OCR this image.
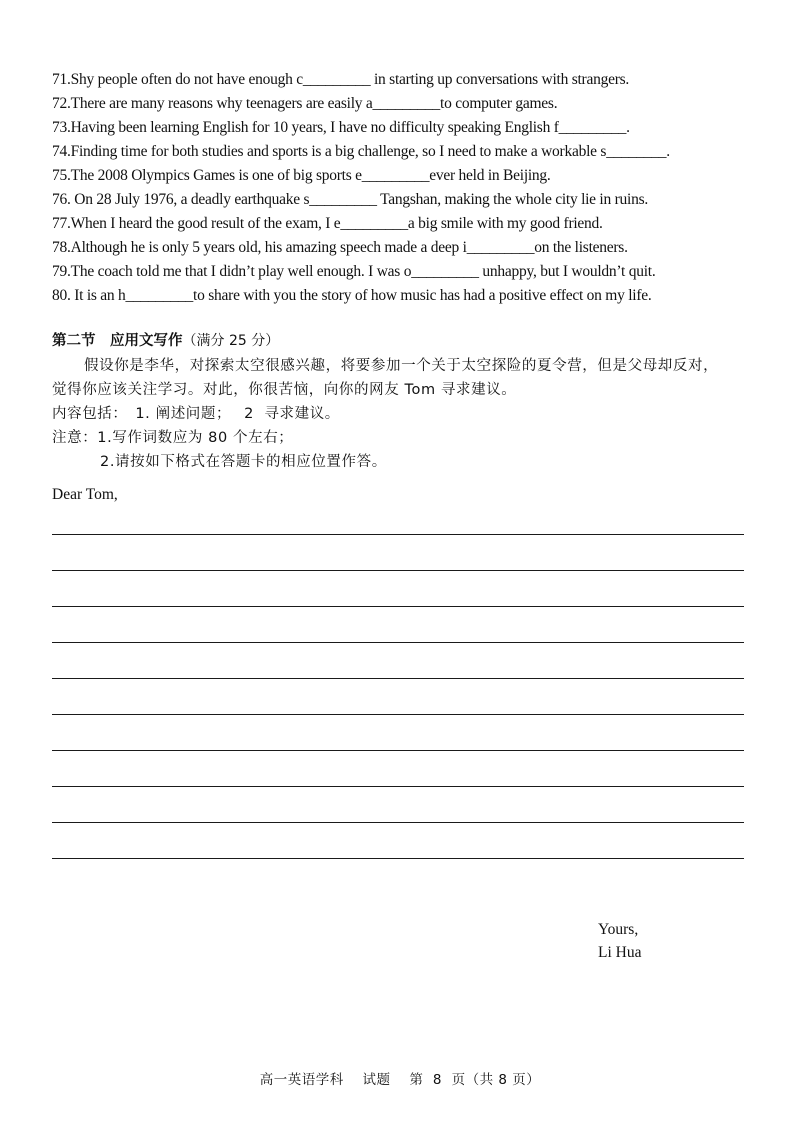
71.Shy people often do not have enough c_________ in starting up conversations with strangers.
72.There are many reasons why teenagers are easily a_________to computer games.
73.Having been learning English for 10 years, I have no difficulty speaking English f_________.
74.Finding time for both studies and sports is a big challenge, so I need to make a workable s________.
75.The 2008 Olympics Games is one of big sports e_________ever held in Beijing.
76. On 28 July 1976, a deadly earthquake s_________ Tangshan, making the whole city lie in ruins.
77.When I heard the good result of the exam, I e_________a big smile with my good friend.
78.Although he is only 5 years old, his amazing speech made a deep i_________on the listeners.
79.The coach told me that I didn’t play well enough. I was o_________ unhappy, but I wouldn’t quit.
80. It is an h_________to share with you the story of how music has had a positive effect on my life.
第二节　应用文写作（满分 25 分）
假设你是李华，对探索太空很感兴趣，将要参加一个关于太空探险的夏令营，但是父母却反对，
觉得你应该关注学习。对此，你很苦恼，向你的网友 Tom 寻求建议。
内容包括：　1. 阐述问题；　 2  寻求建议。
注意：1.写作词数应为 80 个左右；
2.请按如下格式在答题卡的相应位置作答。
Dear Tom,
Yours,
Li Hua
高一英语学科　 试题　 第  8  页（共 8 页）
